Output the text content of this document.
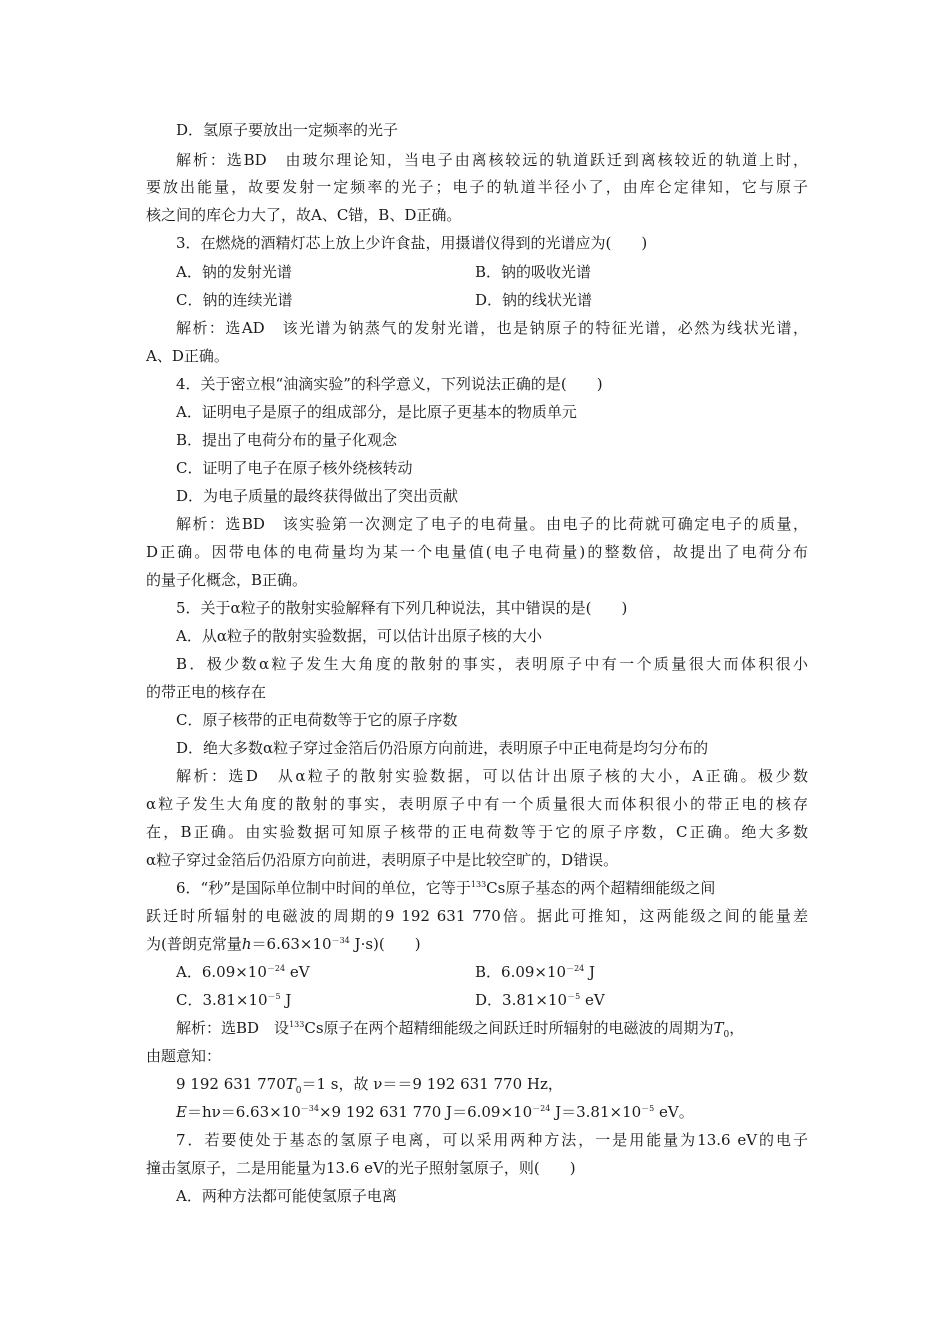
D．氢原子要放出一定频率的光子
解析：选BD　由玻尔理论知，当电子由离核较远的轨道跃迁到离核较近的轨道上时，
要放出能量，故要发射一定频率的光子；电子的轨道半径小了，由库仑定律知，它与原子
核之间的库仑力大了，故A、C错，B、D正确。
3．在燃烧的酒精灯芯上放上少许食盐，用摄谱仪得到的光谱应为(　　)
A．钠的发射光谱	B．钠的吸收光谱
C．钠的连续光谱	D．钠的线状光谱
解析：选AD　该光谱为钠蒸气的发射光谱，也是钠原子的特征光谱，必然为线状光谱，
A、D正确。
4．关于密立根“油滴实验”的科学意义，下列说法正确的是(　　)
A．证明电子是原子的组成部分，是比原子更基本的物质单元
B．提出了电荷分布的量子化观念
C．证明了电子在原子核外绕核转动
D．为电子质量的最终获得做出了突出贡献
解析：选BD　该实验第一次测定了电子的电荷量。由电子的比荷就可确定电子的质量，
D正确。因带电体的电荷量均为某一个电量值(电子电荷量)的整数倍，故提出了电荷分布
的量子化概念，B正确。
5．关于α粒子的散射实验解释有下列几种说法，其中错误的是(　　)
A．从α粒子的散射实验数据，可以估计出原子核的大小
B．极少数α粒子发生大角度的散射的事实，表明原子中有一个质量很大而体积很小
的带正电的核存在
C．原子核带的正电荷数等于它的原子序数
D．绝大多数α粒子穿过金箔后仍沿原方向前进，表明原子中正电荷是均匀分布的
解析：选D　从α粒子的散射实验数据，可以估计出原子核的大小，A正确。极少数
α粒子发生大角度的散射的事实，表明原子中有一个质量很大而体积很小的带正电的核存
在，B正确。由实验数据可知原子核带的正电荷数等于它的原子序数，C正确。绝大多数
α粒子穿过金箔后仍沿原方向前进，表明原子中是比较空旷的，D错误。
6．“秒”是国际单位制中时间的单位，它等于$^{133}$Cs原子基态的两个超精细能级之间
跃迁时所辐射的电磁波的周期的9 192 631 770倍。据此可推知，这两能级之间的能量差
为(普朗克常量$h=6.63\times 10^{-34}$ J·s)(　　)
A．$6.09\times 10^{-24}$ eV	B．$6.09\times 10^{-24}$ J
C．$3.81\times 10^{-5}$ J	D．$3.81\times 10^{-5}$ eV
解析：选BD　设$^{133}$Cs原子在两个超精细能级之间跃迁时所辐射的电磁波的周期为$T_0$，
由题意知：
9 192 631 $770T_0=1$ s，故 ν＝＝9 192 631 770 Hz，
$E=h\nu=6.63\times 10^{-34}\times 9$ 192 631 770 $J=6.09\times 10^{-24}$ $J=3.81\times 10^{-5}$ eV。
7．若要使处于基态的氢原子电离，可以采用两种方法，一是用能量为13.6 eV的电子
撞击氢原子，二是用能量为13.6 eV的光子照射氢原子，则(　　)
A．两种方法都可能使氢原子电离
